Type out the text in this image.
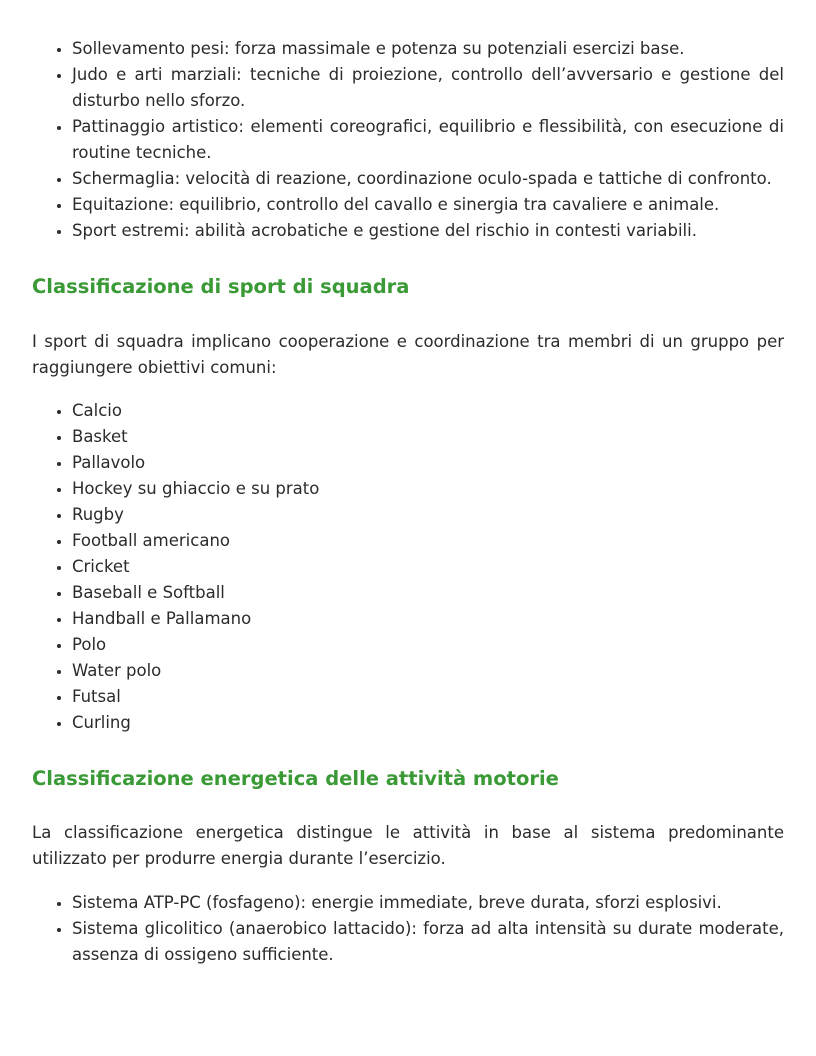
• Sollevamento pesi: forza massimale e potenza su potenziali esercizi base.
• Judo e arti marziali: tecniche di proiezione, controllo dell’avversario e gestione del disturbo nello sforzo.
• Pattinaggio artistico: elementi coreografici, equilibrio e flessibilità, con esecuzione di routine tecniche.
• Schermaglia: velocità di reazione, coordinazione oculo-spada e tattiche di confronto.
• Equitazione: equilibrio, controllo del cavallo e sinergia tra cavaliere e animale.
• Sport estremi: abilità acrobatiche e gestione del rischio in contesti variabili.
Classificazione di sport di squadra

I sport di squadra implicano cooperazione e coordinazione tra membri di un gruppo per raggiungere obiettivi comuni:

• Calcio
• Basket
• Pallavolo
• Hockey su ghiaccio e su prato
• Rugby
• Football americano
• Cricket
• Baseball e Softball
• Handball e Pallamano
• Polo
• Water polo
• Futsal
• Curling
Classificazione energetica delle attività motorie

La classificazione energetica distingue le attività in base al sistema predominante utilizzato per produrre energia durante l’esercizio.

• Sistema ATP-PC (fosfageno): energie immediate, breve durata, sforzi esplosivi.
• Sistema glicolitico (anaerobico lattacido): forza ad alta intensità su durate moderate, assenza di ossigeno sufficiente.
